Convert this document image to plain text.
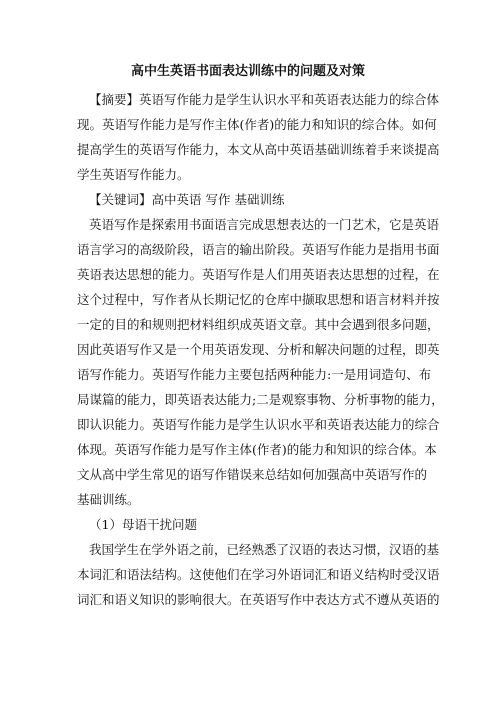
高中生英语书面表达训练中的问题及对策

【摘要】英语写作能力是学生认识水平和英语表达能力的综合体

现。英语写作能力是写作主体(作者)的能力和知识的综合体。如何

提高学生的英语写作能力，本文从高中英语基础训练着手来谈提高

学生英语写作能力。

【关键词】高中英语 写作 基础训练

英语写作是探索用书面语言完成思想表达的一门艺术，它是英语

语言学习的高级阶段，语言的输出阶段。英语写作能力是指用书面

英语表达思想的能力。英语写作是人们用英语表达思想的过程，在

这个过程中，写作者从长期记忆的仓库中撷取思想和语言材料并按

一定的目的和规则把材料组织成英语文章。其中会遇到很多问题，

因此英语写作又是一个用英语发现、分析和解决问题的过程，即英

语写作能力。英语写作能力主要包括两种能力:一是用词造句、布

局谋篇的能力，即英语表达能力;二是观察事物、分析事物的能力，

即认识能力。英语写作能力是学生认识水平和英语表达能力的综合

体现。英语写作能力是写作主体(作者)的能力和知识的综合体。本

文从高中学生常见的语写作错误来总结如何加强高中英语写作的

基础训练。

（1）母语干扰问题

我国学生在学外语之前，已经熟悉了汉语的表达习惯，汉语的基

本词汇和语法结构。这使他们在学习外语词汇和语义结构时受汉语

词汇和语义知识的影响很大。在英语写作中表达方式不遵从英语的
